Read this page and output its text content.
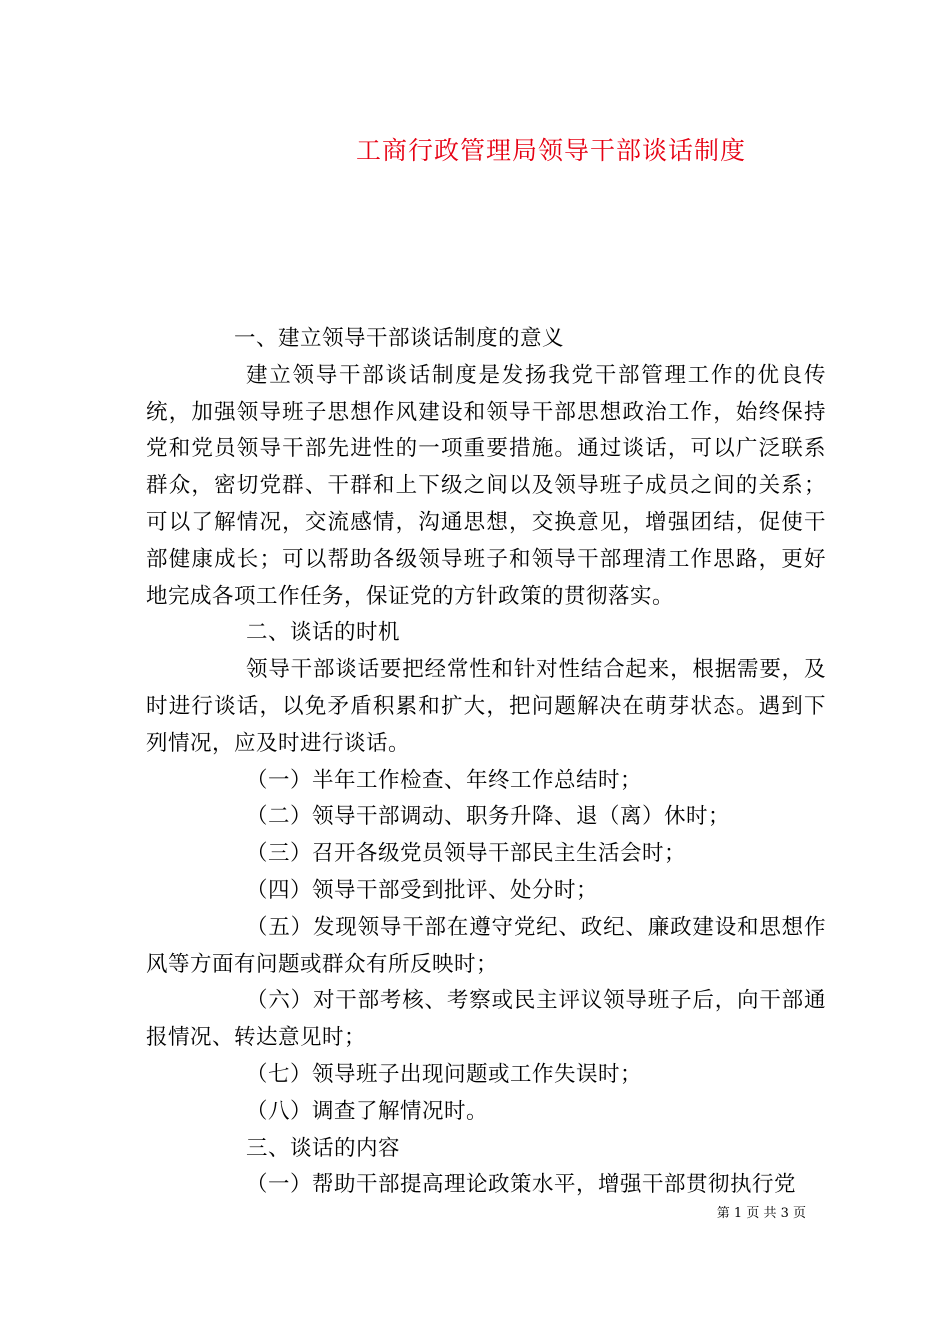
工商行政管理局领导干部谈话制度

一、建立领导干部谈话制度的意义

建立领导干部谈话制度是发扬我党干部管理工作的优良传统，加强领导班子思想作风建设和领导干部思想政治工作，始终保持党和党员领导干部先进性的一项重要措施。通过谈话，可以广泛联系群众，密切党群、干群和上下级之间以及领导班子成员之间的关系；可以了解情况，交流感情，沟通思想，交换意见，增强团结，促使干部健康成长；可以帮助各级领导班子和领导干部理清工作思路，更好地完成各项工作任务，保证党的方针政策的贯彻落实。

二、谈话的时机

领导干部谈话要把经常性和针对性结合起来，根据需要，及时进行谈话，以免矛盾积累和扩大，把问题解决在萌芽状态。遇到下列情况，应及时进行谈话。

（一）半年工作检查、年终工作总结时；

（二）领导干部调动、职务升降、退（离）休时；

（三）召开各级党员领导干部民主生活会时；

（四）领导干部受到批评、处分时；

（五）发现领导干部在遵守党纪、政纪、廉政建设和思想作风等方面有问题或群众有所反映时；

（六）对干部考核、考察或民主评议领导班子后，向干部通报情况、转达意见时；

（七）领导班子出现问题或工作失误时；

（八）调查了解情况时。

三、谈话的内容

（一）帮助干部提高理论政策水平，增强干部贯彻执行党

第 1 页 共 3 页
